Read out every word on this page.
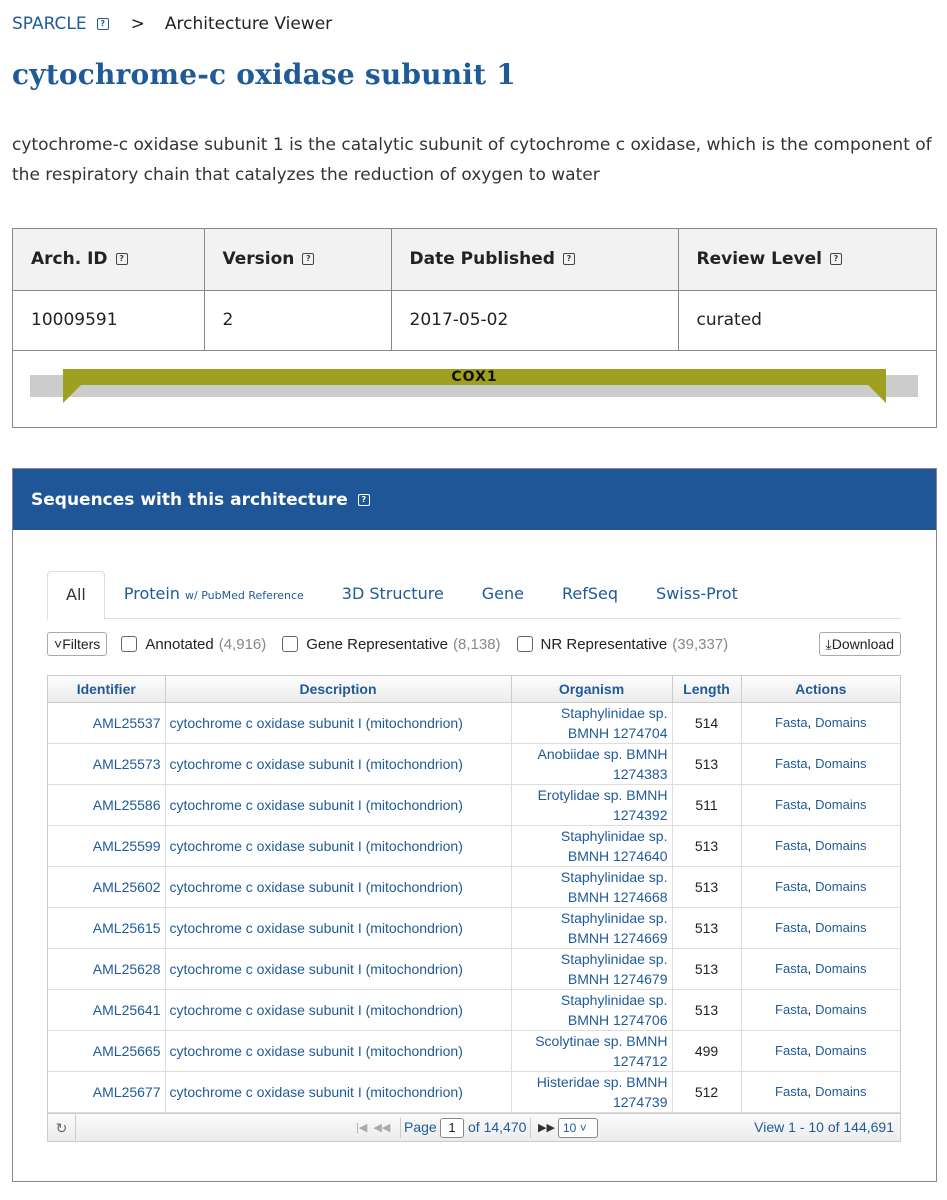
SPARCLE	? > Architecture Viewer
cytochrome-c oxidase subunit 1

cytochrome-c oxidase subunit 1 is the catalytic subunit of cytochrome c oxidase, which is the component of the respiratory chain that catalyzes the reduction of oxygen to water

Arch. ID ?	Version ?	Date Published ?	Review Level ?
10009591	2	2017-05-02	curated
COX1
Sequences with this architecture	?
All	Protein w/ PubMed Reference	3D Structure	Gene	RefSeq	Swiss-Prot
˅Filters	Annotated (4,916)	Gene Representative (8,138)	NR Representative (39,337)	⤓Download
Identifier	Description	Organism	Length	Actions
AML25537	cytochrome c oxidase subunit I (mitochondrion)	Staphylinidae sp.
BMNH 1274704	514	Fasta, Domains
AML25573	cytochrome c oxidase subunit I (mitochondrion)	Anobiidae sp. BMNH
1274383	513	Fasta, Domains
AML25586	cytochrome c oxidase subunit I (mitochondrion)	Erotylidae sp. BMNH
1274392	511	Fasta, Domains
AML25599	cytochrome c oxidase subunit I (mitochondrion)	Staphylinidae sp.
BMNH 1274640	513	Fasta, Domains
AML25602	cytochrome c oxidase subunit I (mitochondrion)	Staphylinidae sp.
BMNH 1274668	513	Fasta, Domains
AML25615	cytochrome c oxidase subunit I (mitochondrion)	Staphylinidae sp.
BMNH 1274669	513	Fasta, Domains
AML25628	cytochrome c oxidase subunit I (mitochondrion)	Staphylinidae sp.
BMNH 1274679	513	Fasta, Domains
AML25641	cytochrome c oxidase subunit I (mitochondrion)	Staphylinidae sp.
BMNH 1274706	513	Fasta, Domains
AML25665	cytochrome c oxidase subunit I (mitochondrion)	Scolytinae sp. BMNH
1274712	499	Fasta, Domains
AML25677	cytochrome c oxidase subunit I (mitochondrion)	Histeridae sp. BMNH
1274739	512	Fasta, Domains
↻	|◀  ◀◀ Page 1 of 14,470 ▶▶ 10 ˅	View 1 - 10 of 144,691
